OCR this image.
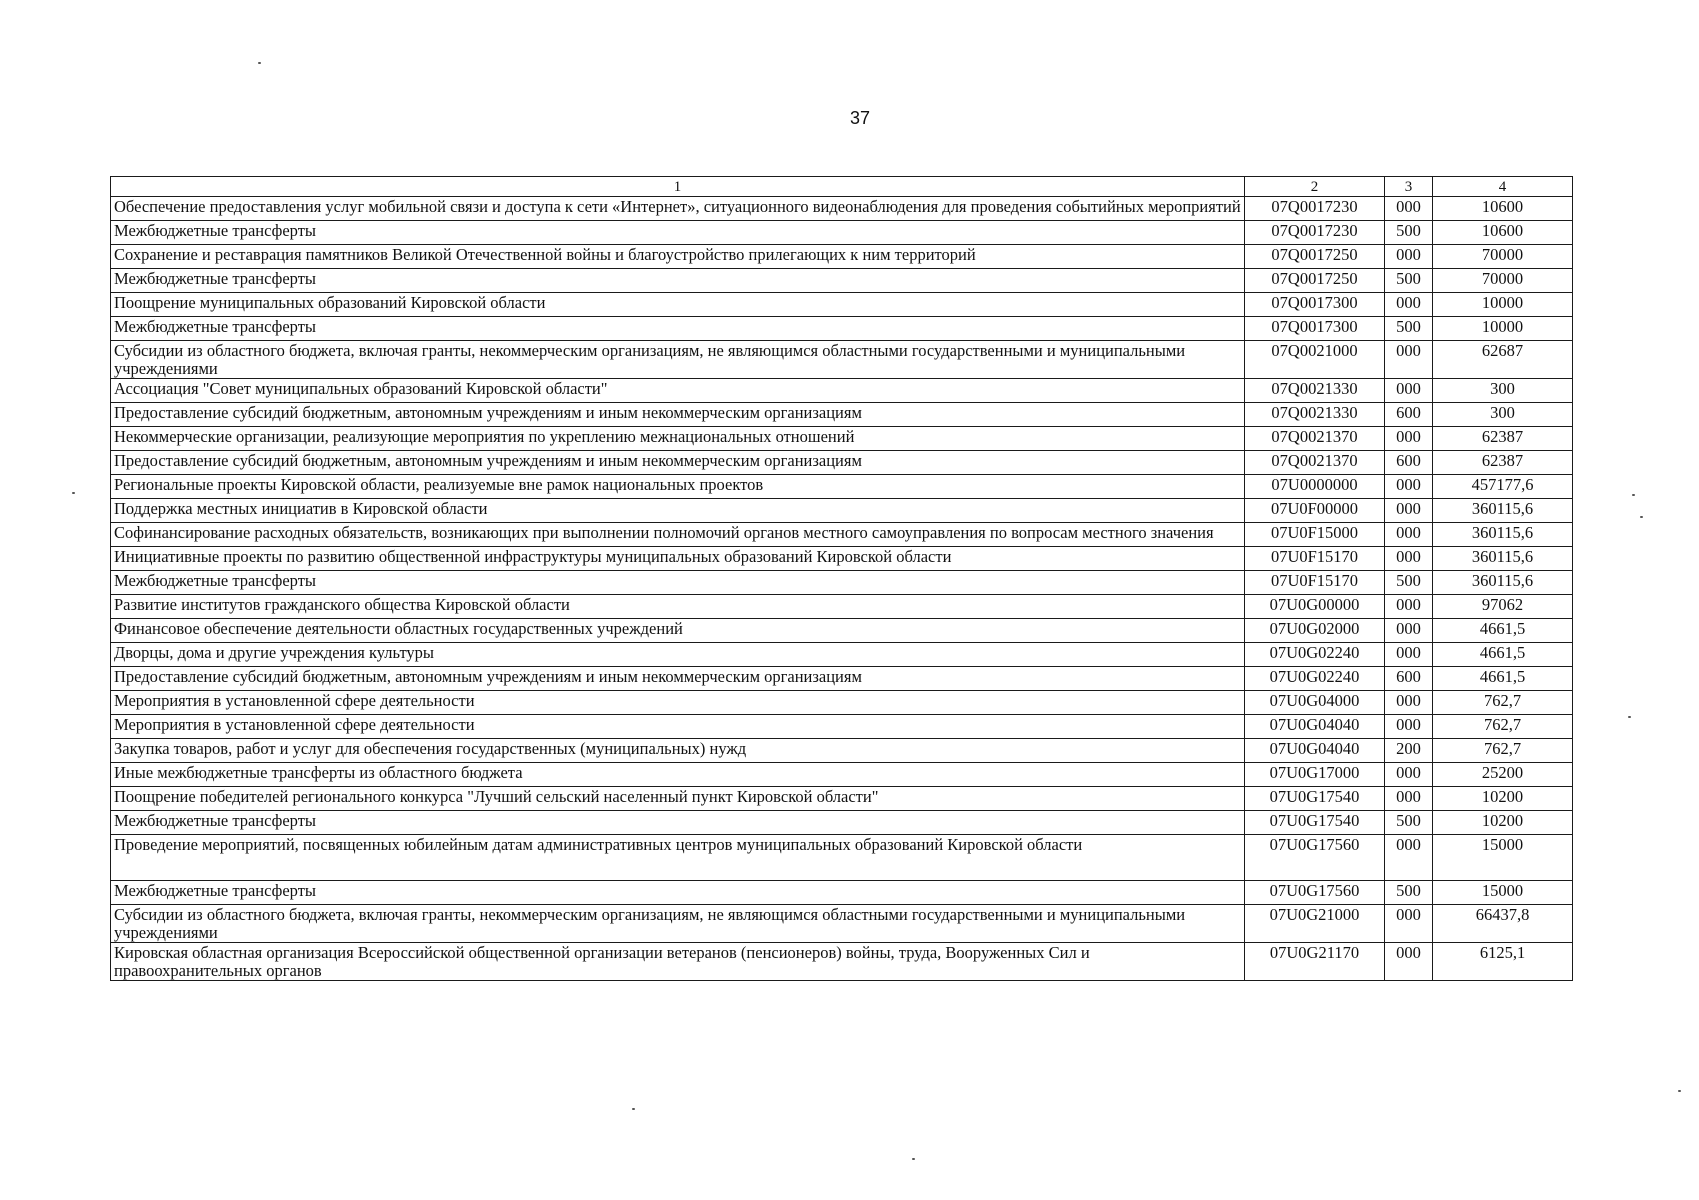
37
1	2	3	4
Обеспечение предоставления услуг мобильной связи и доступа к сети «Интернет», ситуационного видеонаблюдения для проведения событийных мероприятий	07Q0017230	000	10600
Межбюджетные трансферты	07Q0017230	500	10600
Сохранение и реставрация памятников Великой Отечественной войны и благоустройство прилегающих к ним территорий	07Q0017250	000	70000
Межбюджетные трансферты	07Q0017250	500	70000
Поощрение муниципальных образований Кировской области	07Q0017300	000	10000
Межбюджетные трансферты	07Q0017300	500	10000
Субсидии из областного бюджета, включая гранты, некоммерческим организациям, не являющимся областными государственными и муниципальными учреждениями	07Q0021000	000	62687
Ассоциация "Совет муниципальных образований Кировской области"	07Q0021330	000	300
Предоставление субсидий бюджетным, автономным учреждениям и иным некоммерческим организациям	07Q0021330	600	300
Некоммерческие организации, реализующие мероприятия по укреплению межнациональных отношений	07Q0021370	000	62387
Предоставление субсидий бюджетным, автономным учреждениям и иным некоммерческим организациям	07Q0021370	600	62387
Региональные проекты Кировской области, реализуемые вне рамок национальных проектов	07U0000000	000	457177,6
Поддержка местных инициатив в Кировской области	07U0F00000	000	360115,6
Софинансирование расходных обязательств, возникающих при выполнении полномочий органов местного самоуправления по вопросам местного значения	07U0F15000	000	360115,6
Инициативные проекты по развитию общественной инфраструктуры муниципальных образований Кировской области	07U0F15170	000	360115,6
Межбюджетные трансферты	07U0F15170	500	360115,6
Развитие институтов гражданского общества Кировской области	07U0G00000	000	97062
Финансовое обеспечение деятельности областных государственных учреждений	07U0G02000	000	4661,5
Дворцы, дома и другие учреждения культуры	07U0G02240	000	4661,5
Предоставление субсидий бюджетным, автономным учреждениям и иным некоммерческим организациям	07U0G02240	600	4661,5
Мероприятия в установленной сфере деятельности	07U0G04000	000	762,7
Мероприятия в установленной сфере деятельности	07U0G04040	000	762,7
Закупка товаров, работ и услуг для обеспечения государственных (муниципальных) нужд	07U0G04040	200	762,7
Иные межбюджетные трансферты из областного бюджета	07U0G17000	000	25200
Поощрение победителей регионального конкурса "Лучший сельский населенный пункт Кировской области"	07U0G17540	000	10200
Межбюджетные трансферты	07U0G17540	500	10200
Проведение мероприятий, посвященных юбилейным датам административных центров муниципальных образований Кировской области	07U0G17560	000	15000
Межбюджетные трансферты	07U0G17560	500	15000
Субсидии из областного бюджета, включая гранты, некоммерческим организациям, не являющимся областными государственными и муниципальными учреждениями	07U0G21000	000	66437,8
Кировская областная организация Всероссийской общественной организации ветеранов (пенсионеров) войны, труда, Вооруженных Сил и правоохранительных органов	07U0G21170	000	6125,1
